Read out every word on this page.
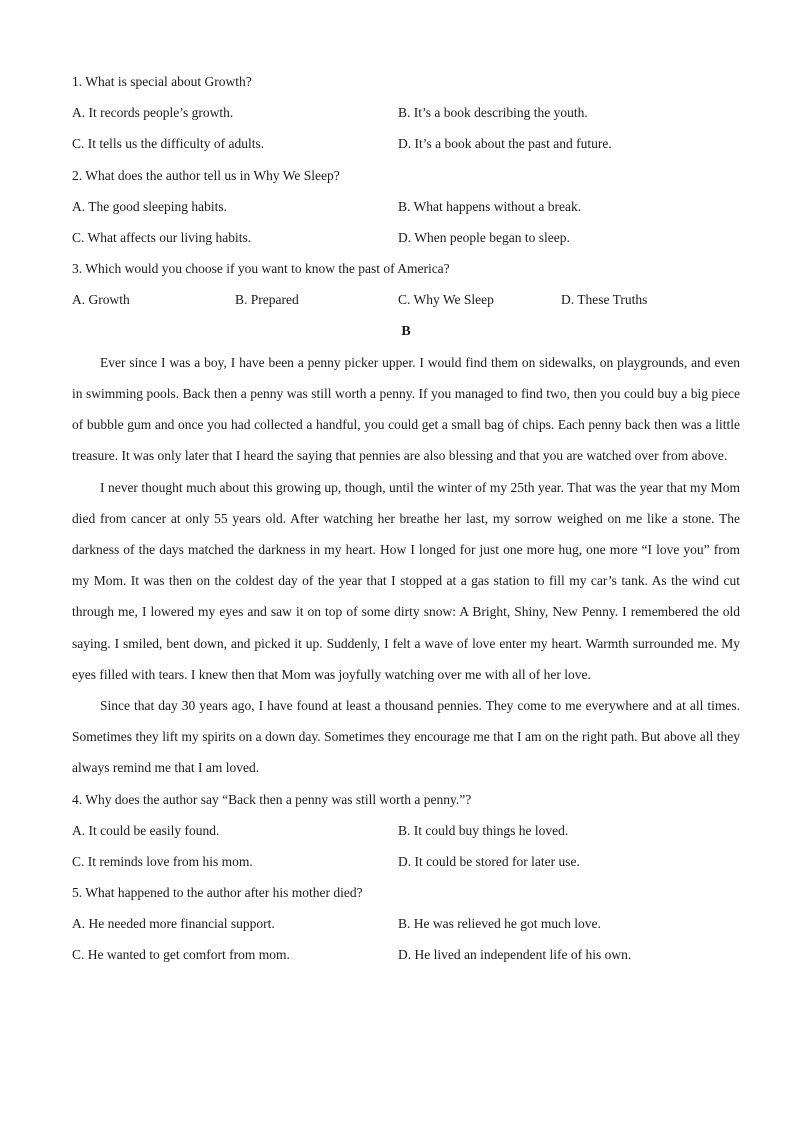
1. What is special about Growth?
A. It records people’s growth.	B. It’s a book describing the youth.
C. It tells us the difficulty of adults.	D. It’s a book about the past and future.
2. What does the author tell us in Why We Sleep?
A. The good sleeping habits.	B. What happens without a break.
C. What affects our living habits.	D. When people began to sleep.
3. Which would you choose if you want to know the past of America?
A. Growth	B. Prepared	C. Why We Sleep	D. These Truths
B

Ever since I was a boy, I have been a penny picker upper. I would find them on sidewalks, on playgrounds, and even in swimming pools. Back then a penny was still worth a penny. If you managed to find two, then you could buy a big piece of bubble gum and once you had collected a handful, you could get a small bag of chips. Each penny back then was a little treasure. It was only later that I heard the saying that pennies are also blessing and that you are watched over from above.

I never thought much about this growing up, though, until the winter of my 25th year. That was the year that my Mom died from cancer at only 55 years old. After watching her breathe her last, my sorrow weighed on me like a stone. The darkness of the days matched the darkness in my heart. How I longed for just one more hug, one more “I love you” from my Mom. It was then on the coldest day of the year that I stopped at a gas station to fill my car’s tank. As the wind cut through me, I lowered my eyes and saw it on top of some dirty snow: A Bright, Shiny, New Penny. I remembered the old saying. I smiled, bent down, and picked it up. Suddenly, I felt a wave of love enter my heart. Warmth surrounded me. My eyes filled with tears. I knew then that Mom was joyfully watching over me with all of her love.

Since that day 30 years ago, I have found at least a thousand pennies. They come to me everywhere and at all times. Sometimes they lift my spirits on a down day. Sometimes they encourage me that I am on the right path. But above all they always remind me that I am loved.

4. Why does the author say “Back then a penny was still worth a penny.”?
A. It could be easily found.	B. It could buy things he loved.
C. It reminds love from his mom.	D. It could be stored for later use.
5. What happened to the author after his mother died?
A. He needed more financial support.	B. He was relieved he got much love.
C. He wanted to get comfort from mom.	D. He lived an independent life of his own.
